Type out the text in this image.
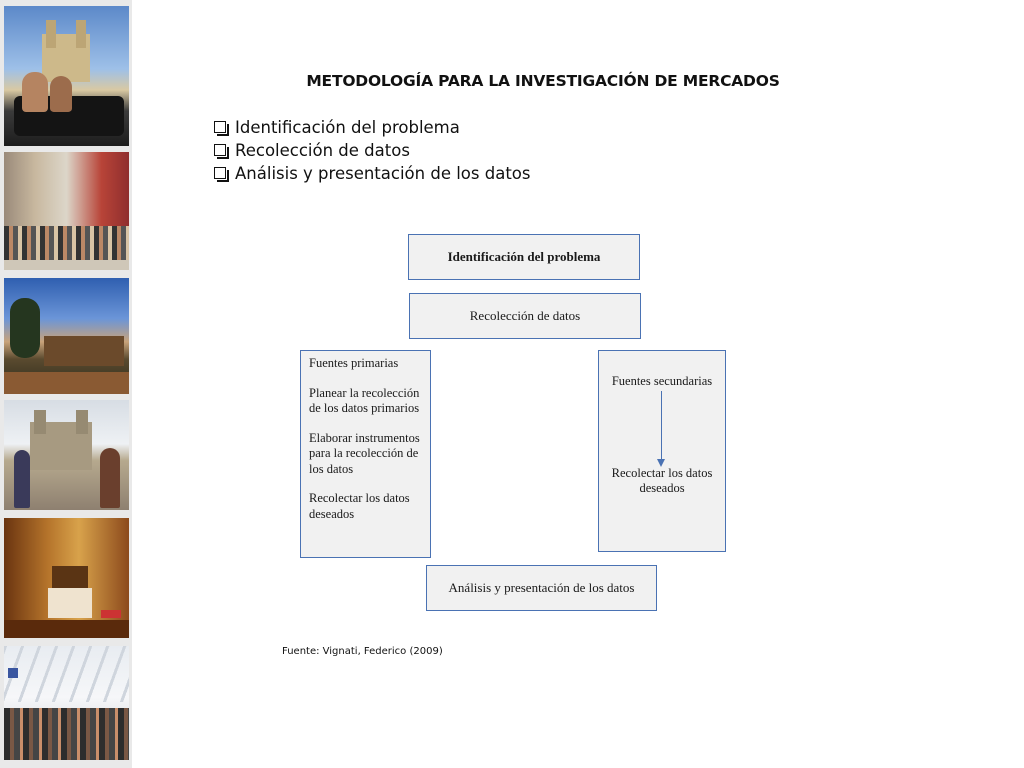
METODOLOGÍA PARA LA INVESTIGACIÓN DE MERCADOS
Identificación del problema
Recolección de datos
Análisis y presentación de los datos
Identificación del problema
Recolección de datos

Fuentes primarias

Planear la recolección de los datos primarios

Elaborar instrumentos para la recolección de los datos

Recolectar los datos deseados

Fuentes secundarias
Recolectar los datos deseados
Análisis y presentación de los datos
Fuente: Vignati, Federico (2009)
